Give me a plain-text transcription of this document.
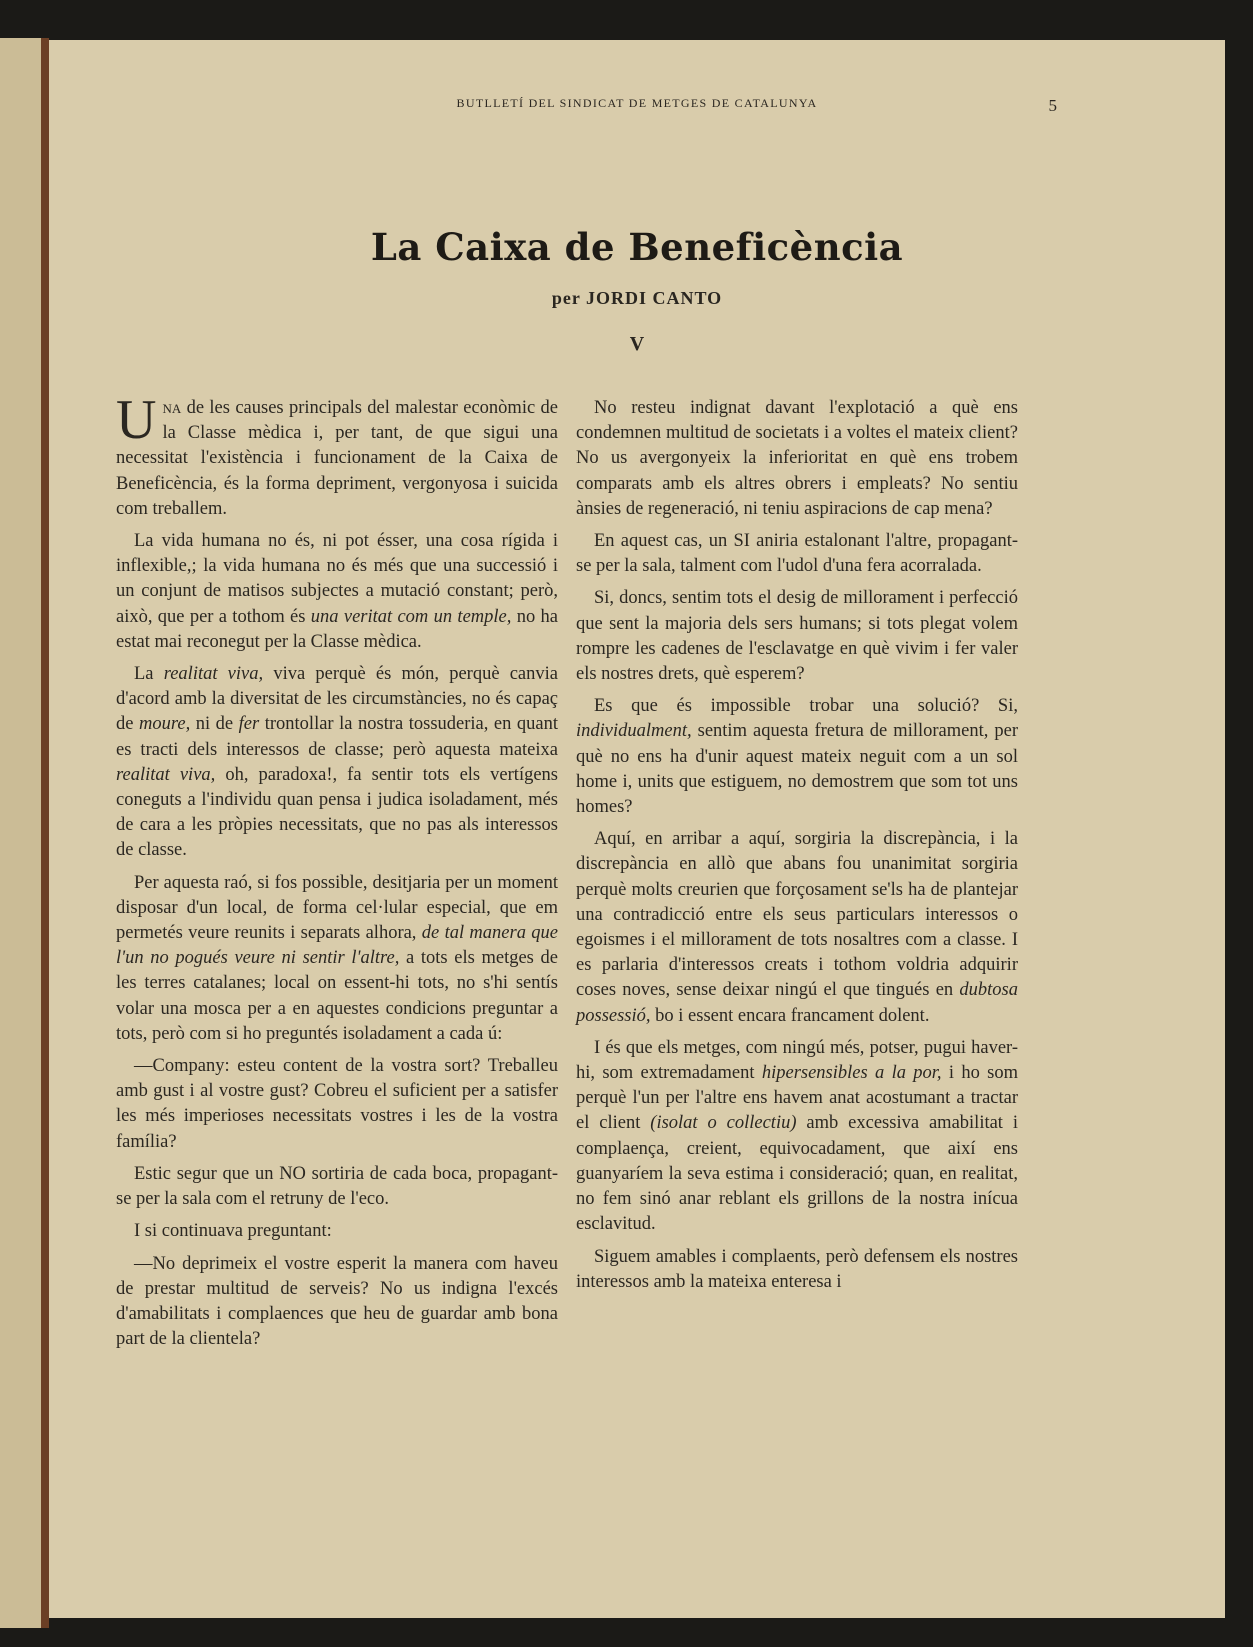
BUTLLETÍ DEL SINDICAT DE METGES DE CATALUNYA	5
La Caixa de Beneficència
per JORDI CANTO
V

Una de les causes principals del malestar econòmic de la Classe mèdica i, per tant, de que sigui una necessitat l'existència i funcionament de la Caixa de Beneficència, és la forma depriment, vergonyosa i suicida com treballem.

La vida humana no és, ni pot ésser, una cosa rígida i inflexible,; la vida humana no és més que una successió i un conjunt de matisos subjectes a mutació constant; però, això, que per a tothom és una veritat com un temple, no ha estat mai reconegut per la Classe mèdica.

La realitat viva, viva perquè és món, perquè canvia d'acord amb la diversitat de les circumstàncies, no és capaç de moure, ni de fer trontollar la nostra tossuderia, en quant es tracti dels interessos de classe; però aquesta mateixa realitat viva, oh, paradoxa!, fa sentir tots els vertígens coneguts a l'individu quan pensa i judica isoladament, més de cara a les pròpies necessitats, que no pas als interessos de classe.

Per aquesta raó, si fos possible, desitjaria per un moment disposar d'un local, de forma cel·lular especial, que em permetés veure reunits i separats alhora, de tal manera que l'un no pogués veure ni sentir l'altre, a tots els metges de les terres catalanes; local on essent-hi tots, no s'hi sentís volar una mosca per a en aquestes condicions preguntar a tots, però com si ho preguntés isoladament a cada ú:

—Company: esteu content de la vostra sort? Treballeu amb gust i al vostre gust? Cobreu el suficient per a satisfer les més imperioses necessitats vostres i les de la vostra família?

Estic segur que un NO sortiria de cada boca, propagant-se per la sala com el retruny de l'eco.

I si continuava preguntant:

—No deprimeix el vostre esperit la manera com haveu de prestar multitud de serveis? No us indigna l'excés d'amabilitats i complaences que heu de guardar amb bona part de la clientela?

No resteu indignat davant l'explotació a què ens condemnen multitud de societats i a voltes el mateix client? No us avergonyeix la inferioritat en què ens trobem comparats amb els altres obrers i empleats? No sentiu ànsies de regeneració, ni teniu aspiracions de cap mena?

En aquest cas, un SI aniria estalonant l'altre, propagant-se per la sala, talment com l'udol d'una fera acorralada.

Si, doncs, sentim tots el desig de millorament i perfecció que sent la majoria dels sers humans; si tots plegat volem rompre les cadenes de l'esclavatge en què vivim i fer valer els nostres drets, què esperem?

Es que és impossible trobar una solució? Si, individualment, sentim aquesta fretura de millorament, per què no ens ha d'unir aquest mateix neguit com a un sol home i, units que estiguem, no demostrem que som tot uns homes?

Aquí, en arribar a aquí, sorgiria la discrepància, i la discrepància en allò que abans fou unanimitat sorgiria perquè molts creurien que forçosament se'ls ha de plantejar una contradicció entre els seus particulars interessos o egoismes i el millorament de tots nosaltres com a classe. I es parlaria d'interessos creats i tothom voldria adquirir coses noves, sense deixar ningú el que tingués en dubtosa possessió, bo i essent encara francament dolent.

I és que els metges, com ningú més, potser, pugui haver-hi, som extremadament hipersensibles a la por, i ho som perquè l'un per l'altre ens havem anat acostumant a tractar el client (isolat o collectiu) amb excessiva amabilitat i complaença, creient, equivocadament, que així ens guanyaríem la seva estima i consideració; quan, en realitat, no fem sinó anar reblant els grillons de la nostra inícua esclavitud.

Siguem amables i complaents, però defensem els nostres interessos amb la mateixa enteresa i
